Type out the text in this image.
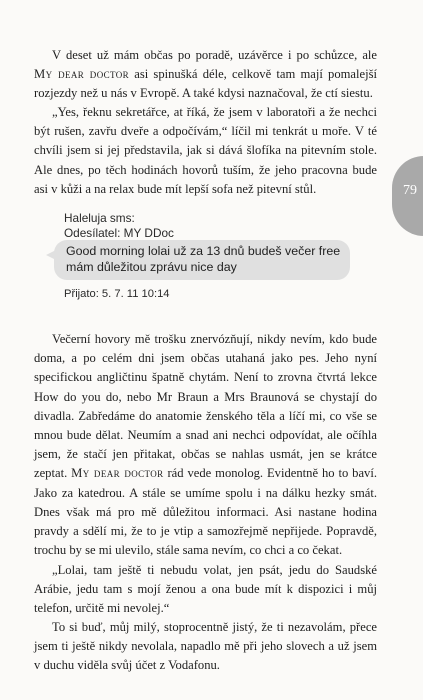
V deset už mám občas po poradě, uzávěrce i po schůzce, ale My dear doctor asi spinušká déle, celkově tam mají pomalejší rozjezdy než u nás v Evropě. A také kdysi naznačoval, že ctí siestu.

„Yes, řeknu sekretářce, at říká, že jsem v laboratoři a že nechci být rušen, zavřu dveře a odpočívám,“ líčil mi tenkrát u moře. V té chvíli jsem si jej představila, jak si dává šlofíka na pitevním stole. Ale dnes, po těch hodinách hovorů tuším, že jeho pracovna bude asi v kůži a na relax bude mít lepší sofa než pitevní stůl.

Haleluja sms:
Odesílatel: MY DDoc
Good morning lolai už za 13 dnů budeš večer free mám důležitou zprávu nice day
Přijato: 5. 7. 11 10:14

Večerní hovory mě trošku znervózňují, nikdy nevím, kdo bude doma, a po celém dni jsem občas utahaná jako pes. Jeho nyní specifickou angličtinu špatně chytám. Není to zrovna čtvrtá lekce How do you do, nebo Mr Braun a Mrs Braunová se chystají do divadla. Zabředáme do anatomie ženského těla a líčí mi, co vše se mnou bude dělat. Neumím a snad ani nechci odpovídat, ale očíhla jsem, že stačí jen přitakat, občas se nahlas usmát, jen se krátce zeptat. My dear doctor rád vede monolog. Evidentně ho to baví. Jako za katedrou. A stále se umíme spolu i na dálku hezky smát. Dnes však má pro mě důležitou informaci. Asi nastane hodina pravdy a sdělí mi, že to je vtip a samozřejmě nepřijede. Popravdě, trochu by se mi ulevilo, stále sama nevím, co chci a co čekat.

„Lolai, tam ještě ti nebudu volat, jen psát, jedu do Saudské Arábie, jedu tam s mojí ženou a ona bude mít k dispozici i můj telefon, určitě mi nevolej.“

To si buď, můj milý, stoprocentně jistý, že ti nezavolám, přece jsem ti ještě nikdy nevolala, napadlo mě při jeho slovech a už jsem v duchu viděla svůj účet z Vodafonu.

79
